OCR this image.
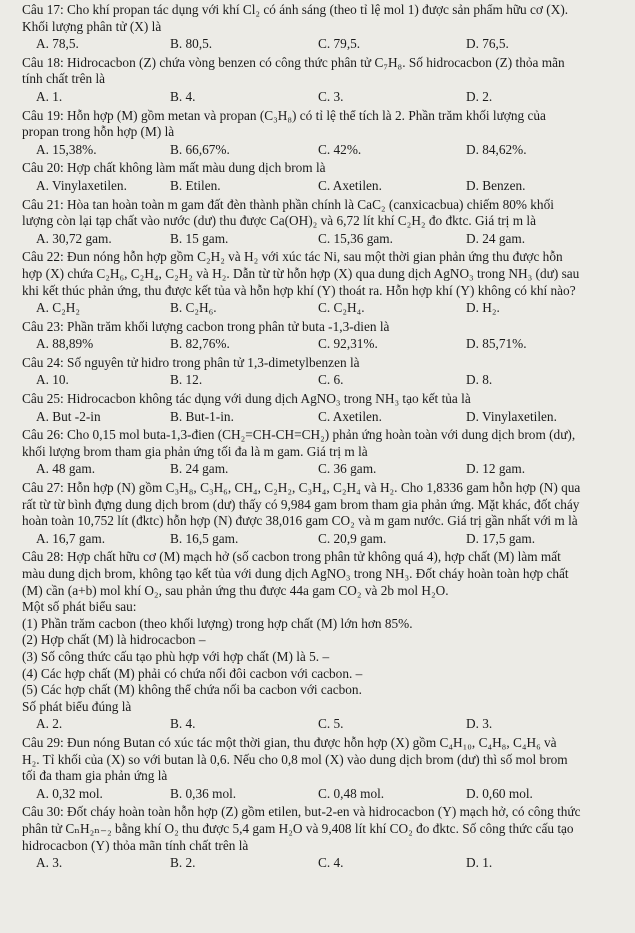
Câu 17: Cho khí propan tác dụng với khí Cl₂ có ánh sáng (theo tỉ lệ mol 1) được sản phẩm hữu cơ (X).
Khối lượng phân tử (X) là
A. 78,5.	B. 80,5.	C. 79,5.	D. 76,5.
Câu 18: Hidrocacbon (Z) chứa vòng benzen có công thức phân tử C₇H₈. Số hidrocacbon (Z) thỏa mãn
tính chất trên là
A. 1.	B. 4.	C. 3.	D. 2.
Câu 19: Hỗn hợp (M) gồm metan và propan (C₃H₈) có tỉ lệ thể tích là 2. Phần trăm khối lượng của
propan trong hỗn hợp (M) là
A. 15,38%.	B. 66,67%.	C. 42%.	D. 84,62%.
Câu 20: Hợp chất không làm mất màu dung dịch brom là
A. Vinylaxetilen.	B. Etilen.	C. Axetilen.	D. Benzen.
Câu 21: Hòa tan hoàn toàn m gam đất đèn thành phần chính là CaC₂ (canxicacbua) chiếm 80% khối
lượng còn lại tạp chất vào nước (dư) thu được Ca(OH)₂ và 6,72 lít khí C₂H₂ đo đktc. Giá trị m là
A. 30,72 gam.	B. 15 gam.	C. 15,36 gam.	D. 24 gam.
Câu 22: Đun nóng hỗn hợp gồm C₂H₂ và H₂ với xúc tác Ni, sau một thời gian phản ứng thu được hỗn
hợp (X) chứa C₂H₆, C₂H₄, C₂H₂ và H₂. Dẫn từ từ hỗn hợp (X) qua dung dịch AgNO₃ trong NH₃ (dư) sau
khi kết thúc phản ứng, thu được kết tủa và hỗn hợp khí (Y) thoát ra. Hỗn hợp khí (Y) không có khí nào?
A. C₂H₂	B. C₂H₆.	C. C₂H₄.	D. H₂.
Câu 23: Phần trăm khối lượng cacbon trong phân tử buta -1,3-dien là
A. 88,89%	B. 82,76%.	C. 92,31%.	D. 85,71%.
Câu 24: Số nguyên tử hidro trong phân tử 1,3-dimetylbenzen là
A. 10.	B. 12.	C. 6.	D. 8.
Câu 25: Hidrocacbon không tác dụng với dung dịch AgNO₃ trong NH₃ tạo kết tủa là
A. But -2-in	B. But-1-in.	C. Axetilen.	D. Vinylaxetilen.
Câu 26: Cho 0,15 mol buta-1,3-đien (CH₂=CH-CH=CH₂) phản ứng hoàn toàn với dung dịch brom (dư),
khối lượng brom tham gia phản ứng tối đa là m gam. Giá trị m là
A. 48 gam.	B. 24 gam.	C. 36 gam.	D. 12 gam.
Câu 27: Hỗn hợp (N) gồm C₃H₈, C₃H₆, CH₄, C₂H₂, C₃H₄, C₂H₄ và H₂. Cho 1,8336 gam hỗn hợp (N) qua
rất từ từ bình đựng dung dịch brom (dư) thấy có 9,984 gam brom tham gia phản ứng. Mặt khác, đốt cháy
hoàn toàn 10,752 lít (đktc) hỗn hợp (N) được 38,016 gam CO₂ và m gam nước. Giá trị gần nhất với m là
A. 16,7 gam.	B. 16,5 gam.	C. 20,9 gam.	D. 17,5 gam.
Câu 28: Hợp chất hữu cơ (M) mạch hở (số cacbon trong phân tử không quá 4), hợp chất (M) làm mất
màu dung dịch brom, không tạo kết tủa với dung dịch AgNO₃ trong NH₃. Đốt cháy hoàn toàn hợp chất
(M) cần (a+b) mol khí O₂, sau phản ứng thu được 44a gam CO₂ và 2b mol H₂O.
Một số phát biểu sau:
(1) Phần trăm cacbon (theo khối lượng) trong hợp chất (M) lớn hơn 85%.
(2) Hợp chất (M) là hidrocacbon –
(3) Số công thức cấu tạo phù hợp với hợp chất (M) là 5. –
(4) Các hợp chất (M) phải có chứa nối đôi cacbon với cacbon. –
(5) Các hợp chất (M) không thể chứa nối ba cacbon với cacbon.
Số phát biểu đúng là
A. 2.	B. 4.	C. 5.	D. 3.
Câu 29: Đun nóng Butan có xúc tác một thời gian, thu được hỗn hợp (X) gồm C₄H₁₀, C₄H₈, C₄H₆ và
H₂. Tỉ khối của (X) so với butan là 0,6. Nếu cho 0,8 mol (X) vào dung dịch brom (dư) thì số mol brom
tối đa tham gia phản ứng là
A. 0,32 mol.	B. 0,36 mol.	C. 0,48 mol.	D. 0,60 mol.
Câu 30: Đốt cháy hoàn toàn hỗn hợp (Z) gồm etilen, but-2-en và hidrocacbon (Y) mạch hở, có công thức
phân tử CₙH₂ₙ₋₂ bằng khí O₂ thu được 5,4 gam H₂O và 9,408 lít khí CO₂ đo đktc. Số công thức cấu tạo
hidrocacbon (Y) thỏa mãn tính chất trên là
A. 3.	B. 2.	C. 4.	D. 1.
